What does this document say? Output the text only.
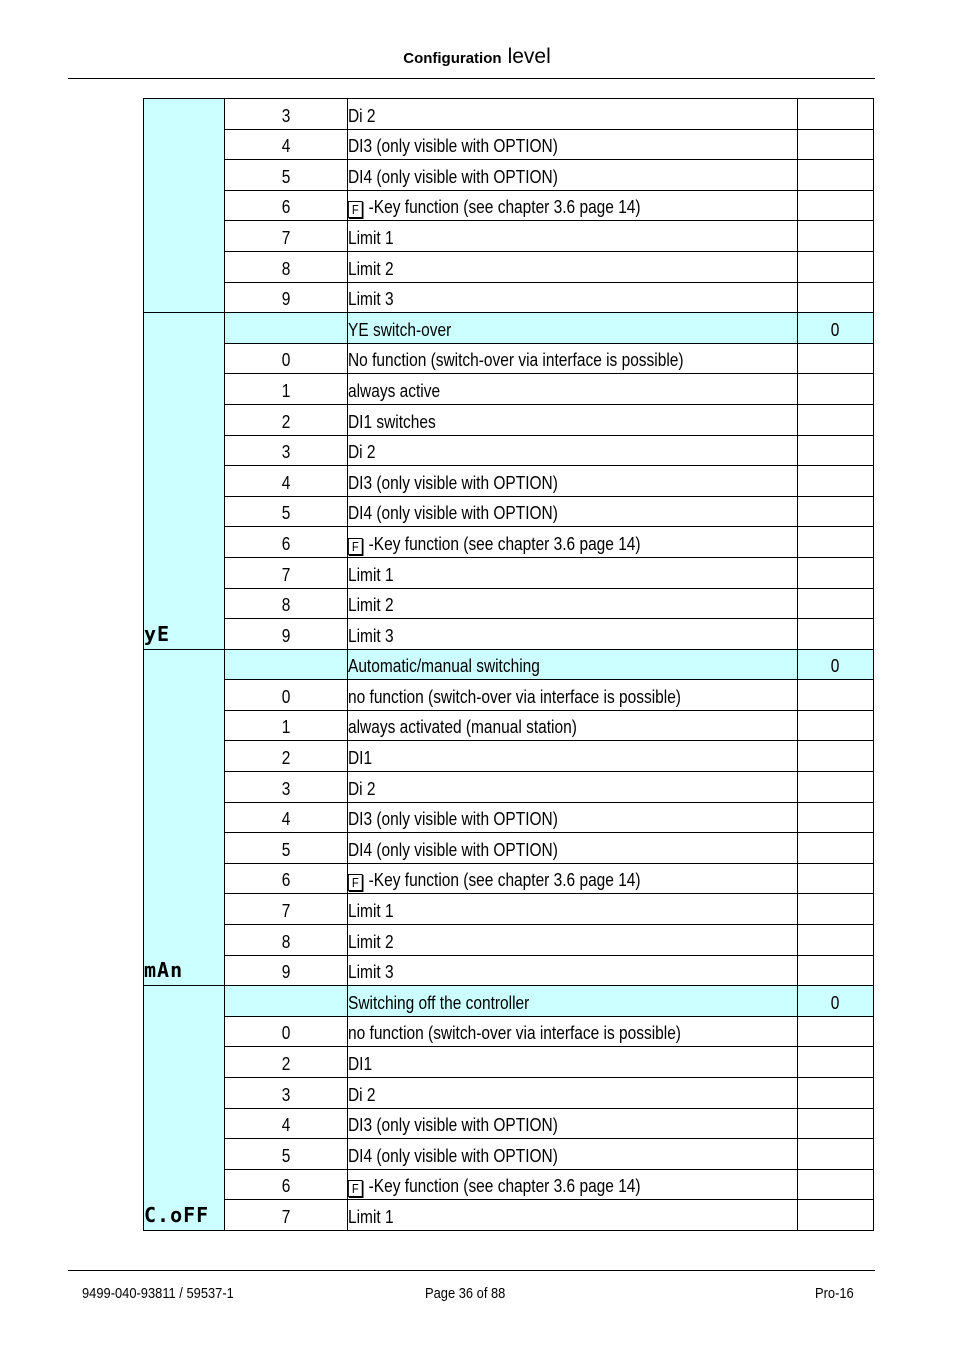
Configuration level
	3	Di 2	
	4	DI3 (only visible with OPTION)	
	5	DI4 (only visible with OPTION)	
	6	F -Key function (see chapter 3.6 page 14)	
	7	Limit 1	
	8	Limit 2	
	9	Limit 3	

yE		YE switch-over	0
	0	No function (switch-over via interface is possible)	
	1	always active	
	2	DI1 switches	
	3	Di 2	
	4	DI3 (only visible with OPTION)	
	5	DI4 (only visible with OPTION)	
	6	F -Key function (see chapter 3.6 page 14)	
	7	Limit 1	
	8	Limit 2	
	9	Limit 3	

mAn		Automatic/manual switching	0
	0	no function (switch-over via interface is possible)	
	1	always activated (manual station)	
	2	DI1	
	3	Di 2	
	4	DI3 (only visible with OPTION)	
	5	DI4 (only visible with OPTION)	
	6	F -Key function (see chapter 3.6 page 14)	
	7	Limit 1	
	8	Limit 2	
	9	Limit 3	

C.oFF		Switching off the controller	0
	0	no function (switch-over via interface is possible)	
	2	DI1	
	3	Di 2	
	4	DI3 (only visible with OPTION)	
	5	DI4 (only visible with OPTION)	
	6	F -Key function (see chapter 3.6 page 14)	
	7	Limit 1	
9499-040-93811 / 59537-1	Page 36 of 88	Pro-16
